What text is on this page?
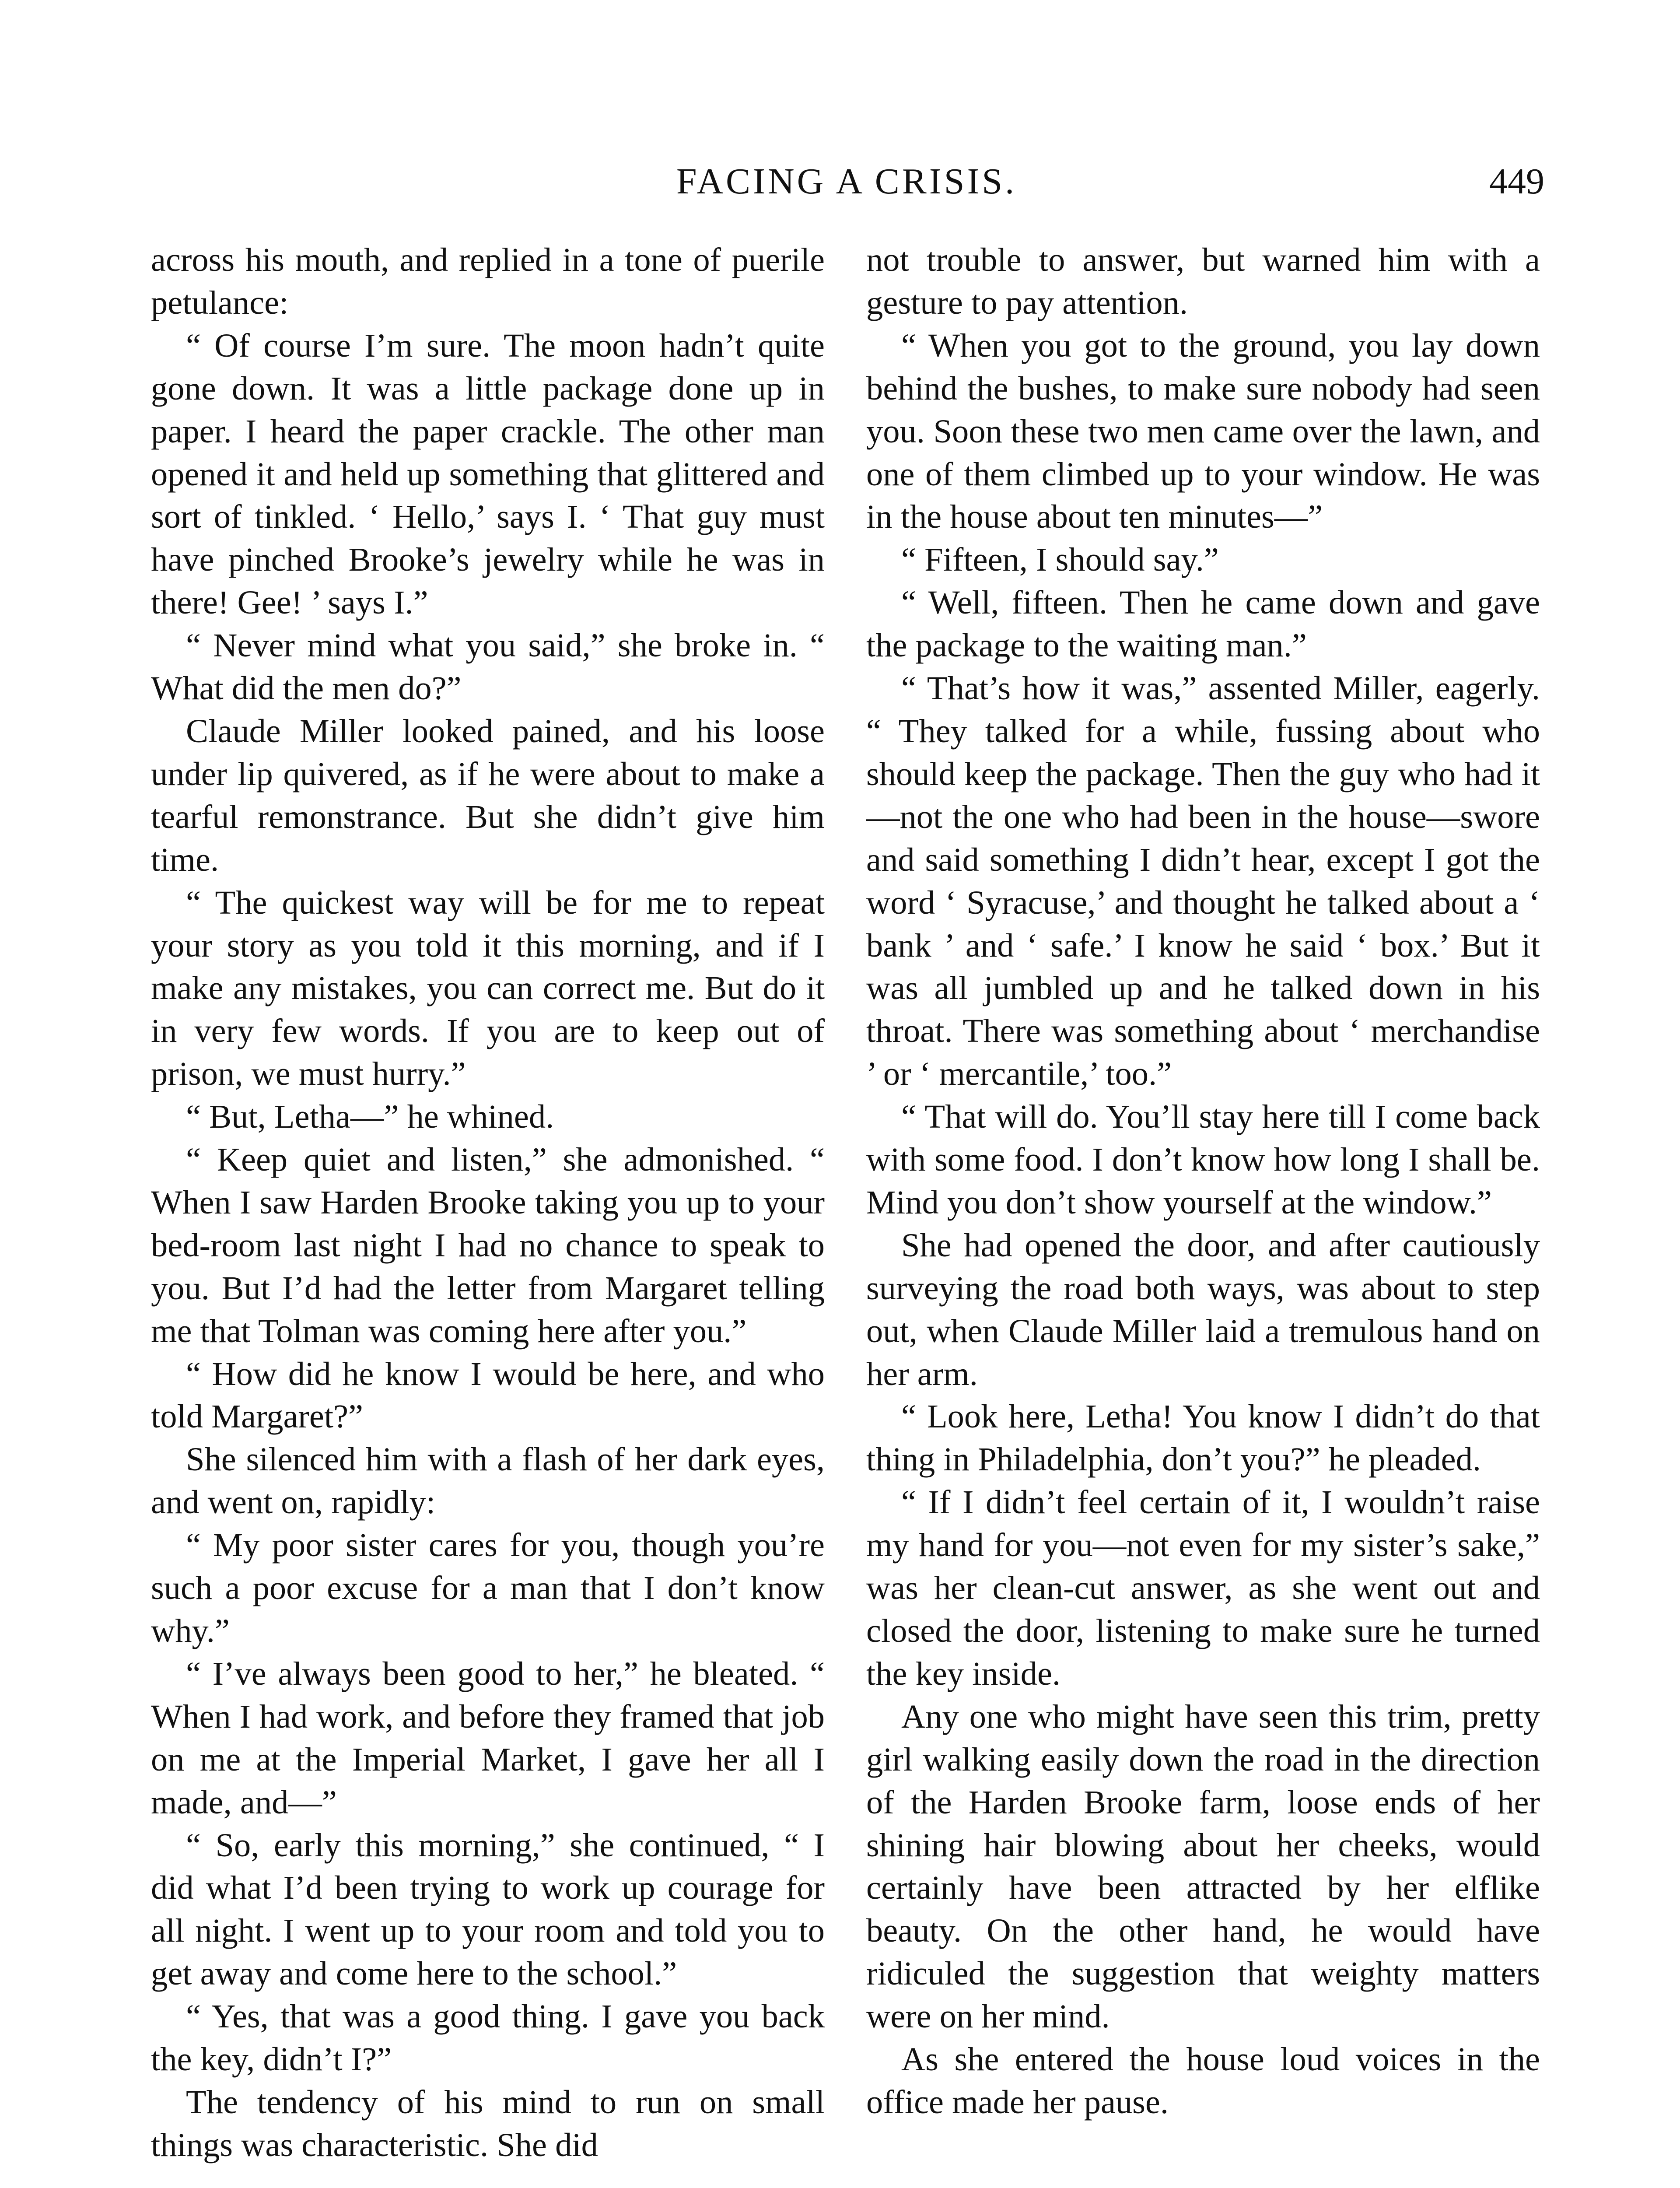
FACING A CRISIS.	449

across his mouth, and replied in a tone of puerile petulance:

“ Of course I’m sure. The moon hadn’t quite gone down. It was a little package done up in paper. I heard the paper crackle. The other man opened it and held up something that glittered and sort of tinkled. ‘ Hello,’ says I. ‘ That guy must have pinched Brooke’s jewelry while he was in there! Gee! ’ says I.”

“ Never mind what you said,” she broke in. “ What did the men do?”

Claude Miller looked pained, and his loose under lip quivered, as if he were about to make a tearful remonstrance. But she didn’t give him time.

“ The quickest way will be for me to repeat your story as you told it this morning, and if I make any mistakes, you can correct me. But do it in very few words. If you are to keep out of prison, we must hurry.”

“ But, Letha—” he whined.

“ Keep quiet and listen,” she admonished. “ When I saw Harden Brooke taking you up to your bed-room last night I had no chance to speak to you. But I’d had the letter from Margaret telling me that Tolman was coming here after you.”

“ How did he know I would be here, and who told Margaret?”

She silenced him with a flash of her dark eyes, and went on, rapidly:

“ My poor sister cares for you, though you’re such a poor excuse for a man that I don’t know why.”

“ I’ve always been good to her,” he bleated. “ When I had work, and before they framed that job on me at the Imperial Market, I gave her all I made, and—”

“ So, early this morning,” she continued, “ I did what I’d been trying to work up courage for all night. I went up to your room and told you to get away and come here to the school.”

“ Yes, that was a good thing. I gave you back the key, didn’t I?”

The tendency of his mind to run on small things was characteristic. She did

not trouble to answer, but warned him with a gesture to pay attention.

“ When you got to the ground, you lay down behind the bushes, to make sure nobody had seen you. Soon these two men came over the lawn, and one of them climbed up to your window. He was in the house about ten minutes—”

“ Fifteen, I should say.”

“ Well, fifteen. Then he came down and gave the package to the waiting man.”

“ That’s how it was,” assented Miller, eagerly. “ They talked for a while, fussing about who should keep the package. Then the guy who had it—not the one who had been in the house—swore and said something I didn’t hear, except I got the word ‘ Syracuse,’ and thought he talked about a ‘ bank ’ and ‘ safe.’ I know he said ‘ box.’ But it was all jumbled up and he talked down in his throat. There was something about ‘ merchandise ’ or ‘ mercantile,’ too.”

“ That will do. You’ll stay here till I come back with some food. I don’t know how long I shall be. Mind you don’t show yourself at the window.”

She had opened the door, and after cautiously surveying the road both ways, was about to step out, when Claude Miller laid a tremulous hand on her arm.

“ Look here, Letha! You know I didn’t do that thing in Philadelphia, don’t you?” he pleaded.

“ If I didn’t feel certain of it, I wouldn’t raise my hand for you—not even for my sister’s sake,” was her clean-cut answer, as she went out and closed the door, listening to make sure he turned the key inside.

Any one who might have seen this trim, pretty girl walking easily down the road in the direction of the Harden Brooke farm, loose ends of her shining hair blowing about her cheeks, would certainly have been attracted by her elflike beauty. On the other hand, he would have ridiculed the suggestion that weighty matters were on her mind.

As she entered the house loud voices in the office made her pause.
